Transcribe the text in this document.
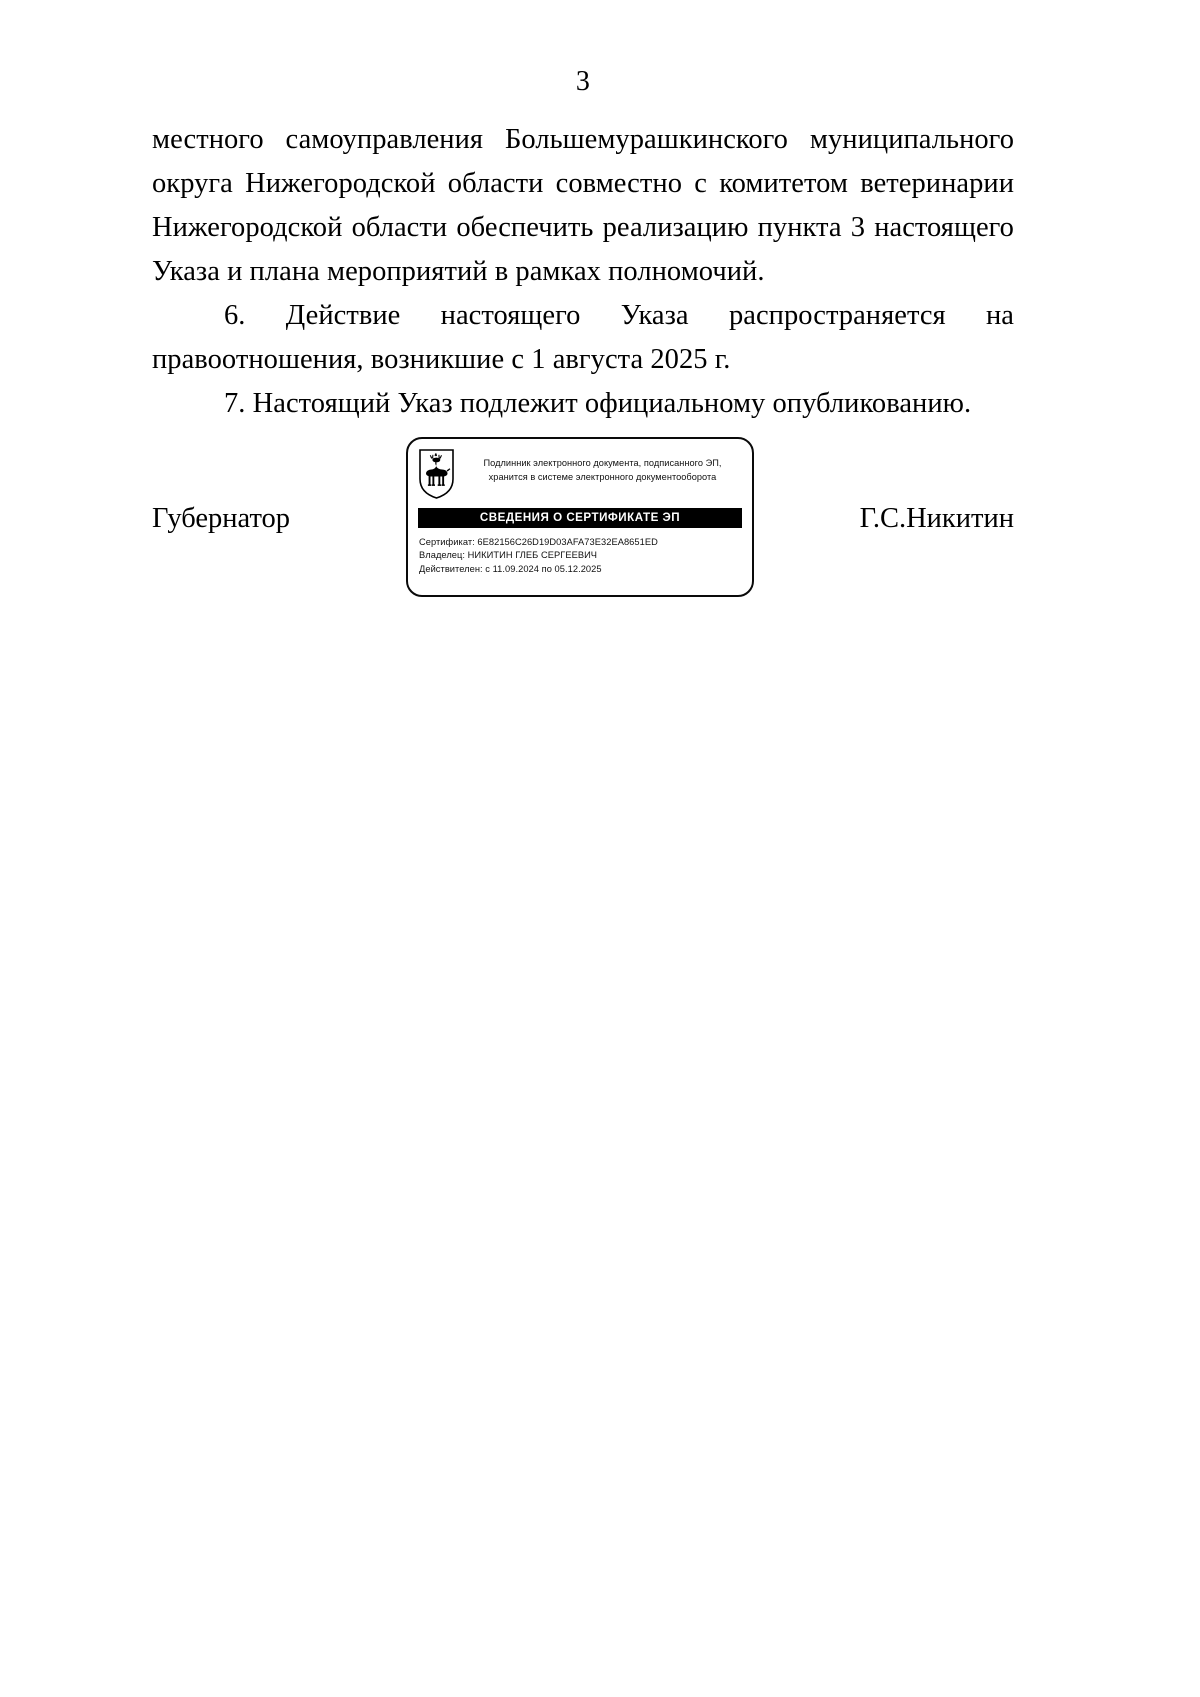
3

местного самоуправления Большемурашкинского муниципального округа Нижегородской области совместно с комитетом ветеринарии Нижегородской области обеспечить реализацию пункта 3 настоящего Указа и плана мероприятий в рамках полномочий.

6. Действие настоящего Указа распространяется на правоотношения, возникшие с 1 августа 2025 г.

7. Настоящий Указ подлежит официальному опубликованию.

Губернатор	Г.С.Никитин
Подлинник электронного документа, подписанного ЭП,
хранится в системе электронного документооборота
СВЕДЕНИЯ О СЕРТИФИКАТЕ ЭП
Сертификат: 6E82156C26D19D03AFA73E32EA8651ED
Владелец: НИКИТИН ГЛЕБ СЕРГЕЕВИЧ
Действителен: с 11.09.2024 по 05.12.2025
